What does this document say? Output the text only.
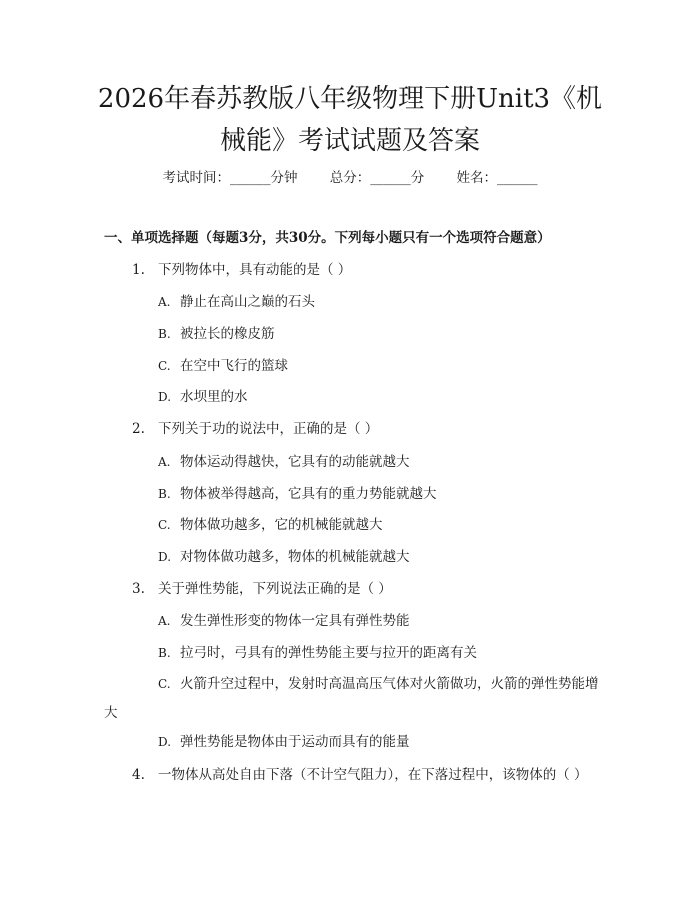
2026年春苏教版八年级物理下册Unit3《机械能》考试试题及答案
考试时间：______分钟 总分：______分 姓名：______
一、单项选择题（每题3分，共30分。下列每小题只有一个选项符合题意）
1. 下列物体中，具有动能的是（ ）
A. 静止在高山之巅的石头
B. 被拉长的橡皮筋
C. 在空中飞行的篮球
D. 水坝里的水
2. 下列关于功的说法中，正确的是（ ）
A. 物体运动得越快，它具有的动能就越大
B. 物体被举得越高，它具有的重力势能就越大
C. 物体做功越多，它的机械能就越大
D. 对物体做功越多，物体的机械能就越大
3. 关于弹性势能，下列说法正确的是（ ）
A. 发生弹性形变的物体一定具有弹性势能
B. 拉弓时，弓具有的弹性势能主要与拉开的距离有关
C. 火箭升空过程中，发射时高温高压气体对火箭做功，火箭的弹性势能增大
D. 弹性势能是物体由于运动而具有的能量
4. 一物体从高处自由下落（不计空气阻力），在下落过程中，该物体的（ ）
